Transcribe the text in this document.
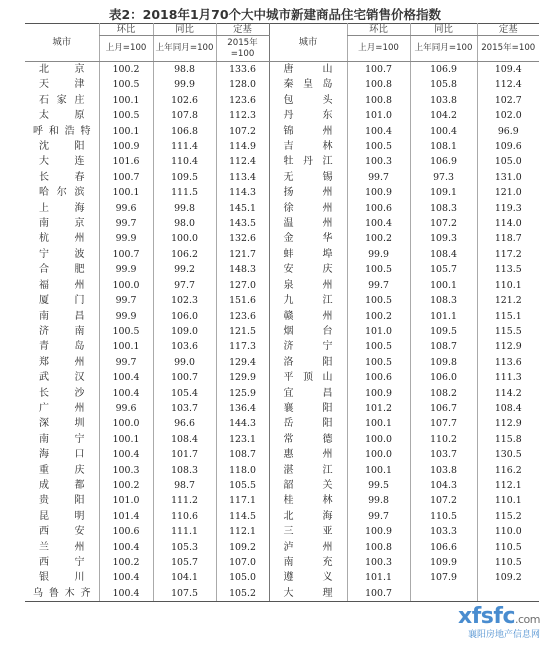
表2：2018年1月70个大中城市新建商品住宅销售价格指数
城市	环比	同比	定基	城市	环比	同比	定基
	上月=100	上年同月=100	2015年=100		上月=100	上年同月=100	2015年=100
北京	100.2	98.8	133.6	唐山	100.7	106.9	109.4
天津	100.5	99.9	128.0	秦皇岛	100.8	105.8	112.4
石家庄	100.1	102.6	123.6	包头	100.8	103.8	102.7
太原	100.5	107.8	112.3	丹东	101.0	104.2	102.0
呼和浩特	100.1	106.8	107.2	锦州	100.4	100.4	96.9
沈阳	100.9	111.4	114.9	吉林	100.5	108.1	109.6
大连	101.6	110.4	112.4	牡丹江	100.3	106.9	105.0
长春	100.7	109.5	113.4	无锡	99.7	97.3	131.0
哈尔滨	100.1	111.5	114.3	扬州	100.9	109.1	121.0
上海	99.6	99.8	145.1	徐州	100.6	108.3	119.3
南京	99.7	98.0	143.5	温州	100.4	107.2	114.0
杭州	99.9	100.0	132.6	金华	100.2	109.3	118.7
宁波	100.7	106.2	121.7	蚌埠	99.9	108.4	117.2
合肥	99.9	99.2	148.3	安庆	100.5	105.7	113.5
福州	100.0	97.7	127.0	泉州	99.7	100.1	110.1
厦门	99.7	102.3	151.6	九江	100.5	108.3	121.2
南昌	99.9	106.0	123.6	赣州	100.2	101.1	115.1
济南	100.5	109.0	121.5	烟台	101.0	109.5	115.5
青岛	100.1	103.6	117.3	济宁	100.5	108.7	112.9
郑州	99.7	99.0	129.4	洛阳	100.5	109.8	113.6
武汉	100.4	100.7	129.9	平顶山	100.6	106.0	111.3
长沙	100.4	105.4	125.9	宜昌	100.9	108.2	114.2
广州	99.6	103.7	136.4	襄阳	101.2	106.7	108.4
深圳	100.0	96.6	144.3	岳阳	100.1	107.7	112.9
南宁	100.1	108.4	123.1	常德	100.0	110.2	115.8
海口	100.4	101.7	108.7	惠州	100.0	103.7	130.5
重庆	100.3	108.3	118.0	湛江	100.1	103.8	116.2
成都	100.2	98.7	105.5	韶关	99.5	104.3	112.1
贵阳	101.0	111.2	117.1	桂林	99.8	107.2	110.1
昆明	101.4	110.6	114.5	北海	99.7	110.5	115.2
西安	100.6	111.1	112.1	三亚	100.9	103.3	110.0
兰州	100.4	105.3	109.2	泸州	100.8	106.6	110.5
西宁	100.2	105.7	107.0	南充	100.3	109.9	110.5
银川	100.4	104.1	105.0	遵义	101.1	107.9	109.2
乌鲁木齐	100.4	107.5	105.2	大理	100.7		
xfsfc.com
襄阳房地产信息网
